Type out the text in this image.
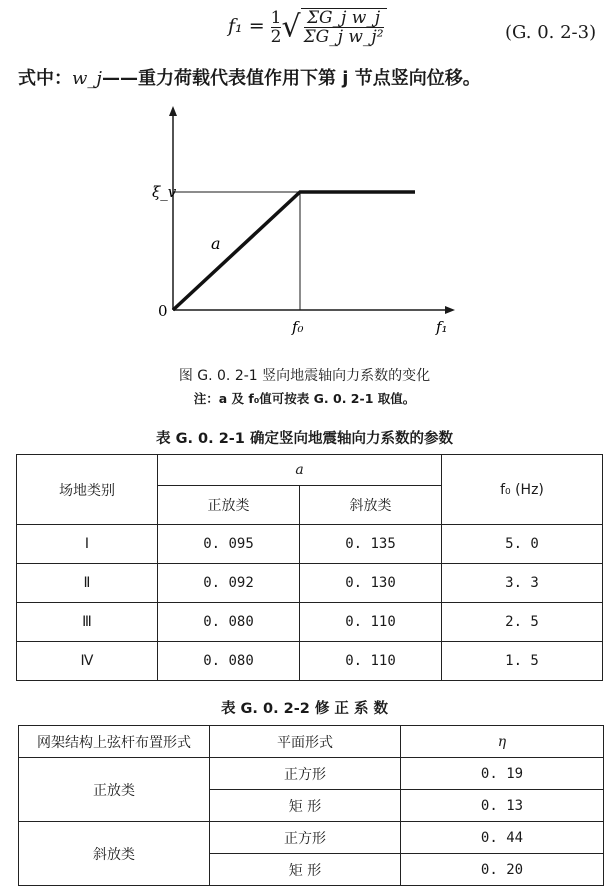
$f_1 = \frac{1}{2}$ √ $\frac{\text{ΣG\_j w\_j}}{\text{ΣG\_j w\_j²}}$	(G. 0. 2-3)
式中：w_j——重力荷载代表值作用下第 j 节点竖向位移。
ξ_v
0
a
f₀	f₁
图 G. 0. 2-1 竖向地震轴向力系数的变化
注：a 及 f₀值可按表 G. 0. 2-1 取值。
表 G. 0. 2-1 确定竖向地震轴向力系数的参数
场地类别	a		f₀ (Hz)
	正放类	斜放类	
Ⅰ	0. 095	0. 135	5. 0
Ⅱ	0. 092	0. 130	3. 3
Ⅲ	0. 080	0. 110	2. 5
Ⅳ	0. 080	0. 110	1. 5
表 G. 0. 2-2 修 正 系 数
网架结构上弦杆布置形式	平面形式	η
正放类	正方形	0. 19
	矩 形	0. 13
斜放类	正方形	0. 44
	矩 形	0. 20
